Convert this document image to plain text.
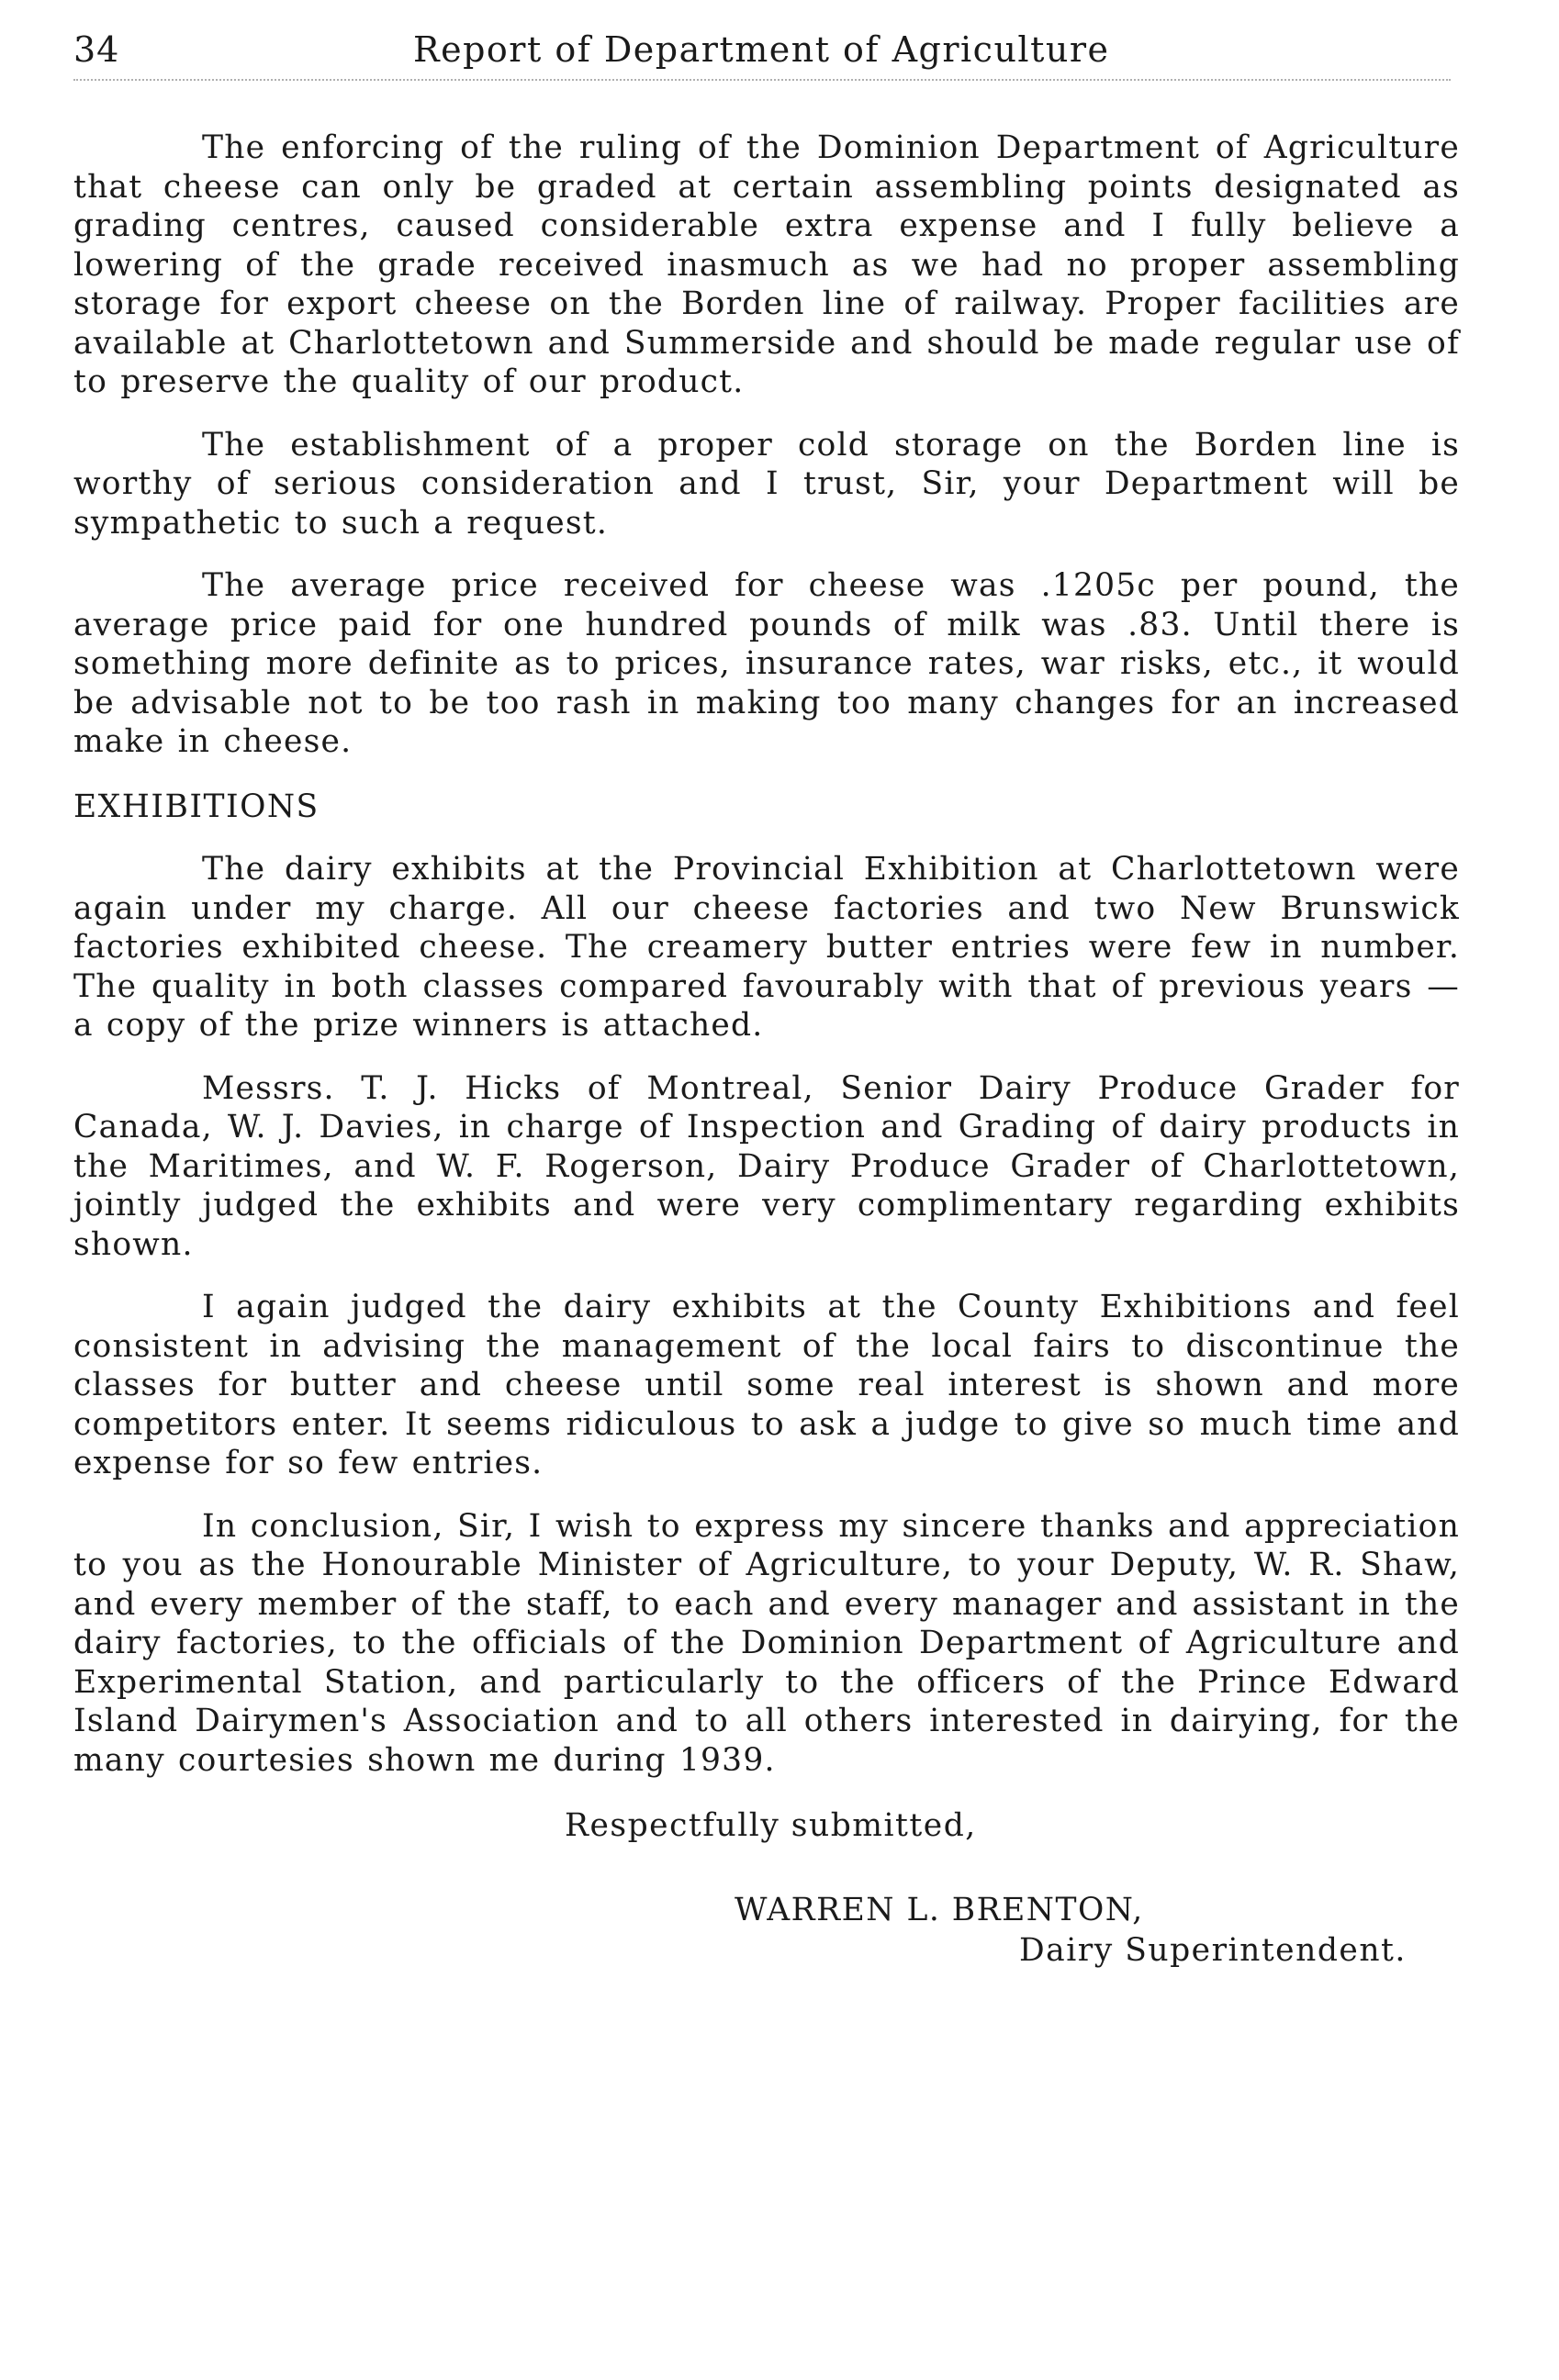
34	Report of Department of Agriculture

The enforcing of the ruling of the Dominion Department of Agriculture that cheese can only be graded at certain assembling points designated as grading centres, caused considerable extra expense and I fully believe a lowering of the grade received inasmuch as we had no proper assembling storage for export cheese on the Borden line of railway. Proper facilities are available at Charlottetown and Summerside and should be made regular use of to preserve the quality of our product.

The establishment of a proper cold storage on the Borden line is worthy of serious consideration and I trust, Sir, your Department will be sympathetic to such a request.

The average price received for cheese was .1205c per pound, the average price paid for one hundred pounds of milk was .83. Until there is something more definite as to prices, insurance rates, war risks, etc., it would be advisable not to be too rash in making too many changes for an increased make in cheese.

EXHIBITIONS

The dairy exhibits at the Provincial Exhibition at Charlottetown were again under my charge. All our cheese factories and two New Brunswick factories exhibited cheese. The creamery butter entries were few in number. The quality in both classes compared favourably with that of previous years — a copy of the prize winners is attached.

Messrs. T. J. Hicks of Montreal, Senior Dairy Produce Grader for Canada, W. J. Davies, in charge of Inspection and Grading of dairy products in the Maritimes, and W. F. Rogerson, Dairy Produce Grader of Charlottetown, jointly judged the exhibits and were very complimentary regarding exhibits shown.

I again judged the dairy exhibits at the County Exhibitions and feel consistent in advising the management of the local fairs to discontinue the classes for butter and cheese until some real interest is shown and more competitors enter. It seems ridiculous to ask a judge to give so much time and expense for so few entries.

In conclusion, Sir, I wish to express my sincere thanks and appreciation to you as the Honourable Minister of Agriculture, to your Deputy, W. R. Shaw, and every member of the staff, to each and every manager and assistant in the dairy factories, to the officials of the Dominion Department of Agriculture and Experimental Station, and particularly to the officers of the Prince Edward Island Dairymen's Association and to all others interested in dairying, for the many courtesies shown me during 1939.

Respectfully submitted,
WARREN L. BRENTON,
Dairy Superintendent.
